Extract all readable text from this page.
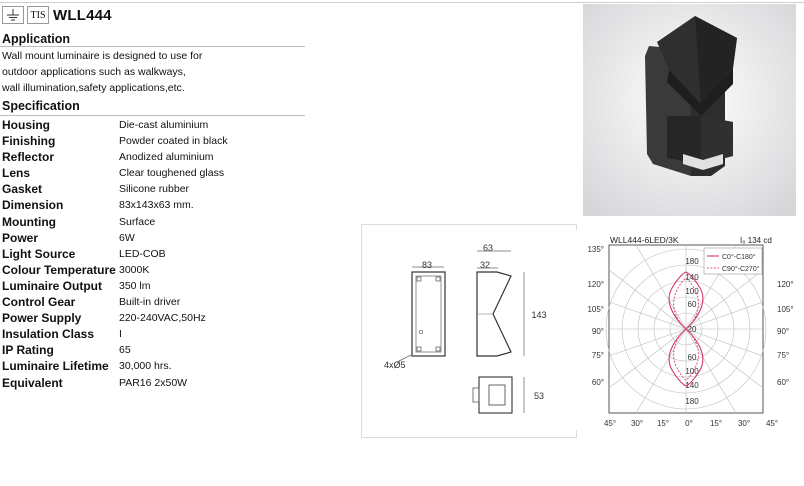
TIS WLL444
Application
Wall mount luminaire is designed to use for
outdoor applications such as walkways,
wall illumination,safety applications,etc.
Specification
Housing	Die-cast aluminium
Finishing	Powder coated in black
Reflector	Anodized aluminium
Lens	Clear toughened glass
Gasket	Silicone rubber
Dimension	83x143x63 mm.
Mounting	Surface
Power	6W
Light Source	LED-COB
Colour Temperature 3000K
Luminaire Output 350 lm
Control Gear	Built-in driver
Power Supply	220-240VAC,50Hz
Insulation Class I
IP Rating	65
Luminaire Lifetime 30,000 hrs.
Equivalent	PAR16 2x50W
83
4xØ5
63
32
143
53
WLL444-6LED/3K	I₀ 134 cd
135°
120°
105°
90°
75°
60°
120°
105°
90°
75°
60°
180
140
100
60
20
60
100
140
180
C0°-C180°
C90°-C270°
45° 30° 15° 0° 15° 30° 45°
